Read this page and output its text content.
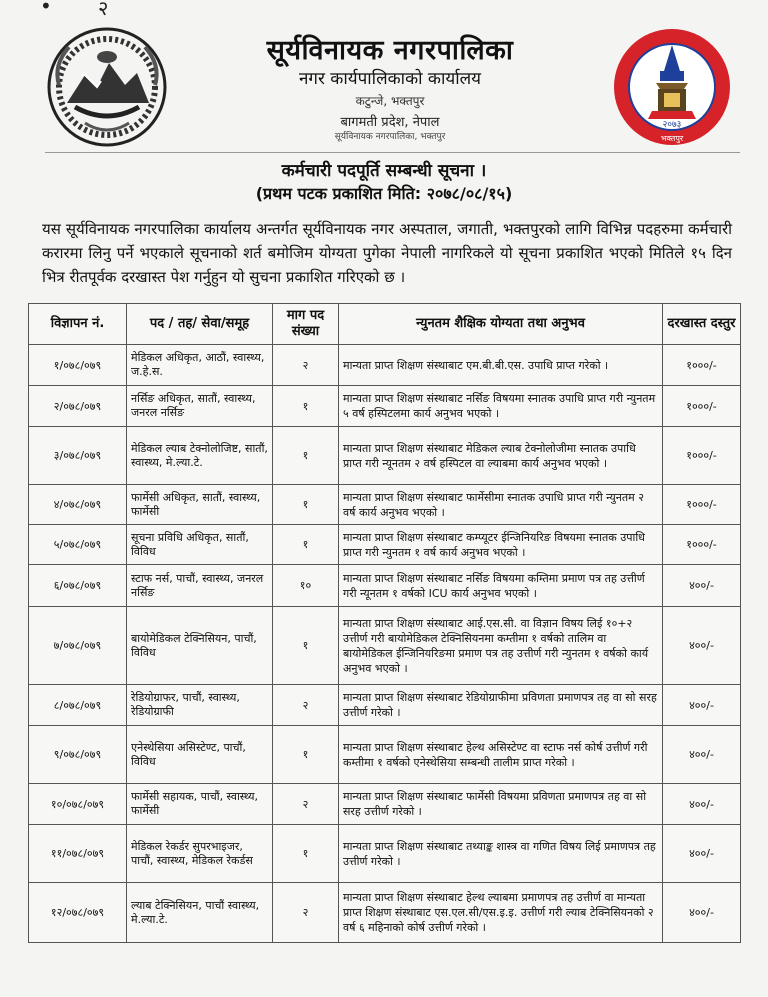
• २
सूर्यविनायक नगरपालिका
नगर कार्यपालिकाको कार्यालय
कटुन्जे, भक्तपुर
बागमती प्रदेश, नेपाल
सूर्यविनायक नगरपालिका, भक्तपुर
२०७३
भक्तपुर
कर्मचारी पदपूर्ति सम्बन्धी सूचना ।
(प्रथम पटक प्रकाशित मिति: २०७८/०८/१५)
यस सूर्यविनायक नगरपालिका कार्यालय अन्तर्गत सूर्यविनायक नगर अस्पताल, जगाती, भक्तपुरको लागि विभिन्न पदहरुमा कर्मचारी करारमा लिनु पर्ने भएकाले सूचनाको शर्त बमोजिम योग्यता पुगेका नेपाली नागरिकले यो सूचना प्रकाशित भएको मितिले १५ दिन भित्र रीतपूर्वक दरखास्त पेश गर्नुहुन यो सुचना प्रकाशित गरिएको छ ।
विज्ञापन नं.	पद / तह/ सेवा/समूह	माग पद संख्या	न्युनतम शैक्षिक योग्यता तथा अनुभव	दरखास्त दस्तुर
१/०७८/०७९	मेडिकल अधिकृत, आठौं, स्वास्थ्य, ज.हे.स.	२	मान्यता प्राप्त शिक्षण संस्थाबाट एम.बी.बी.एस. उपाधि प्राप्त गरेको ।	१०००/-
२/०७८/०७९	नर्सिङ अधिकृत, सातौं, स्वास्थ्य, जनरल नर्सिङ	१	मान्यता प्राप्त शिक्षण संस्थाबाट नर्सिङ विषयमा स्नातक उपाधि प्राप्त गरी न्युनतम ५ वर्ष हस्पिटलमा कार्य अनुभव भएको ।	१०००/-
३/०७८/०७९	मेडिकल ल्याब टेक्नोलोजिष्ट, सातौं, स्वास्थ्य, मे.ल्या.टे.	१	मान्यता प्राप्त शिक्षण संस्थाबाट मेडिकल ल्याब टेक्नोलोजीमा स्नातक उपाधि प्राप्त गरी न्यूनतम २ वर्ष हस्पिटल वा ल्याबमा कार्य अनुभव भएको ।	१०००/-
४/०७८/०७९	फार्मेसी अधिकृत, सातौं, स्वास्थ्य, फार्मेसी	१	मान्यता प्राप्त शिक्षण संस्थाबाट फार्मेसीमा स्नातक उपाधि प्राप्त गरी न्युनतम २ वर्ष कार्य अनुभव भएको ।	१०००/-
५/०७८/०७९	सूचना प्रविधि अधिकृत, सातौं, विविध	१	मान्यता प्राप्त शिक्षण संस्थाबाट कम्प्यूटर ईन्जिनियरिङ विषयमा स्नातक उपाधि प्राप्त गरी न्युनतम १ वर्ष कार्य अनुभव भएको ।	१०००/-
६/०७८/०७९	स्टाफ नर्स, पाचौं, स्वास्थ्य, जनरल नर्सिङ	१०	मान्यता प्राप्त शिक्षण संस्थाबाट नर्सिङ विषयमा कम्तिमा प्रमाण पत्र तह उत्तीर्ण गरी न्यूनतम १ वर्षको ICU कार्य अनुभव भएको ।	४००/-
७/०७८/०७९	बायोमेडिकल टेक्निसियन, पाचौं, विविध	१	मान्यता प्राप्त शिक्षण संस्थाबाट आई.एस.सी. वा विज्ञान विषय लिई १०+२ उत्तीर्ण गरी बायोमेडिकल टेक्निसियनमा कम्तीमा १ वर्षको तालिम वा बायोमेडिकल ईन्जिनियरिङमा प्रमाण पत्र तह उत्तीर्ण गरी न्युनतम १ वर्षको कार्य अनुभव भएको ।	४००/-
८/०७८/०७९	रेडियोग्राफर, पाचौं, स्वास्थ्य, रेडियोग्राफी	२	मान्यता प्राप्त शिक्षण संस्थाबाट रेडियोग्राफीमा प्रविणता प्रमाणपत्र तह वा सो सरह उत्तीर्ण गरेको ।	४००/-
९/०७८/०७९	एनेस्थेसिया असिस्टेण्ट, पाचौं, विविध	१	मान्यता प्राप्त शिक्षण संस्थाबाट हेल्थ असिस्टेण्ट वा स्टाफ नर्स कोर्ष उत्तीर्ण गरी कम्तीमा १ वर्षको एनेस्थेसिया सम्बन्धी तालीम प्राप्त गरेको ।	४००/-
१०/०७८/०७९	फार्मेसी सहायक, पाचौं, स्वास्थ्य, फार्मेसी	२	मान्यता प्राप्त शिक्षण संस्थाबाट फार्मेसी विषयमा प्रविणता प्रमाणपत्र तह वा सो सरह उत्तीर्ण गरेको ।	४००/-
११/०७८/०७९	मेडिकल रेकर्डर सुपरभाइजर, पाचौं, स्वास्थ्य, मेडिकल रेकर्डस	१	मान्यता प्राप्त शिक्षण संस्थाबाट तथ्याङ्क शास्त्र वा गणित विषय लिई प्रमाणपत्र तह उत्तीर्ण गरेको ।	४००/-
१२/०७८/०७९	ल्याब टेक्निसियन, पाचौं स्वास्थ्य, मे.ल्या.टे.	२	मान्यता प्राप्त शिक्षण संस्थाबाट हेल्थ ल्याबमा प्रमाणपत्र तह उत्तीर्ण वा मान्यता प्राप्त शिक्षण संस्थाबाट एस.एल.सी/एस.इ.इ. उत्तीर्ण गरी ल्याब टेक्निसियनको २ वर्ष ६ महिनाको कोर्ष उत्तीर्ण गरेको ।	४००/-
